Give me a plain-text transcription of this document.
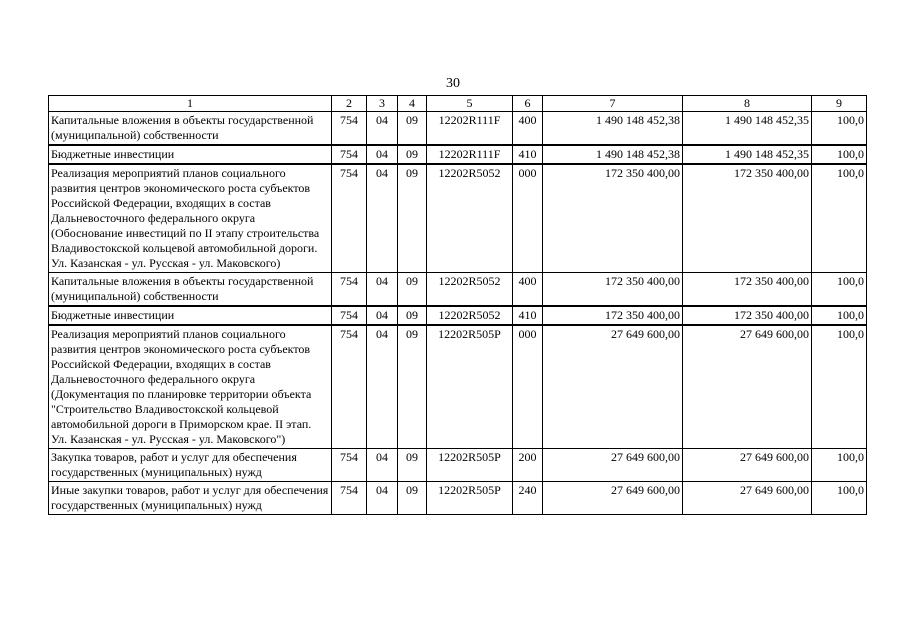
30
1	2	3	4	5	6	7	8	9
Капитальные вложения в объекты государственной (муниципальной) собственности	754	04	09	12202R111F	400	1 490 148 452,38	1 490 148 452,35	100,0
Бюджетные инвестиции	754	04	09	12202R111F	410	1 490 148 452,38	1 490 148 452,35	100,0
Реализация мероприятий планов социального развития центров экономического роста субъектов Российской Федерации, входящих в состав Дальневосточного федерального округа (Обоснование инвестиций по II этапу строительства Владивостокской кольцевой автомобильной дороги. Ул. Казанская - ул. Русская - ул. Маковского)	754	04	09	12202R5052	000	172 350 400,00	172 350 400,00	100,0
Капитальные вложения в объекты государственной (муниципальной) собственности	754	04	09	12202R5052	400	172 350 400,00	172 350 400,00	100,0
Бюджетные инвестиции	754	04	09	12202R5052	410	172 350 400,00	172 350 400,00	100,0
Реализация мероприятий планов социального развития центров экономического роста субъектов Российской Федерации, входящих в состав Дальневосточного федерального округа (Документация по планировке территории объекта "Строительство Владивостокской кольцевой автомобильной дороги в Приморском крае. II этап. Ул. Казанская - ул. Русская - ул. Маковского")	754	04	09	12202R505P	000	27 649 600,00	27 649 600,00	100,0
Закупка товаров, работ и услуг для обеспечения государственных (муниципальных) нужд	754	04	09	12202R505P	200	27 649 600,00	27 649 600,00	100,0
Иные закупки товаров, работ и услуг для обеспечения государственных (муниципальных) нужд	754	04	09	12202R505P	240	27 649 600,00	27 649 600,00	100,0
